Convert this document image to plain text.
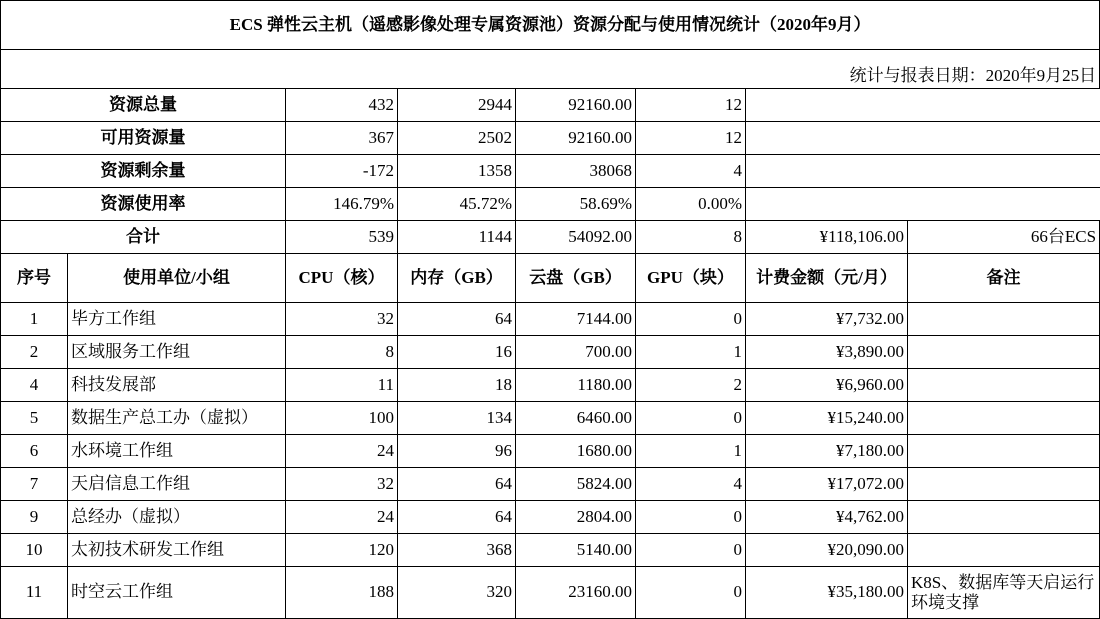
ECS 弹性云主机（遥感影像处理专属资源池）资源分配与使用情况统计（2020年9月）							
统计与报表日期：2020年9月25日							
资源总量		432	2944	92160.00	12		
可用资源量		367	2502	92160.00	12		
资源剩余量		-172	1358	38068	4		
资源使用率		146.79%	45.72%	58.69%	0.00%		
合计		539	1144	54092.00	8	¥118,106.00	66台ECS
序号	使用单位/小组	CPU（核）	内存（GB）	云盘（GB）	GPU（块）	计费金额（元/月）	备注
1	毕方工作组	32	64	7144.00	0	¥7,732.00	
2	区域服务工作组	8	16	700.00	1	¥3,890.00	
4	科技发展部	11	18	1180.00	2	¥6,960.00	
5	数据生产总工办（虚拟）	100	134	6460.00	0	¥15,240.00	
6	水环境工作组	24	96	1680.00	1	¥7,180.00	
7	天启信息工作组	32	64	5824.00	4	¥17,072.00	
9	总经办（虚拟）	24	64	2804.00	0	¥4,762.00	
10	太初技术研发工作组	120	368	5140.00	0	¥20,090.00	
11	时空云工作组	188	320	23160.00	0	¥35,180.00	K8S、数据库等天启运行环境支撑
